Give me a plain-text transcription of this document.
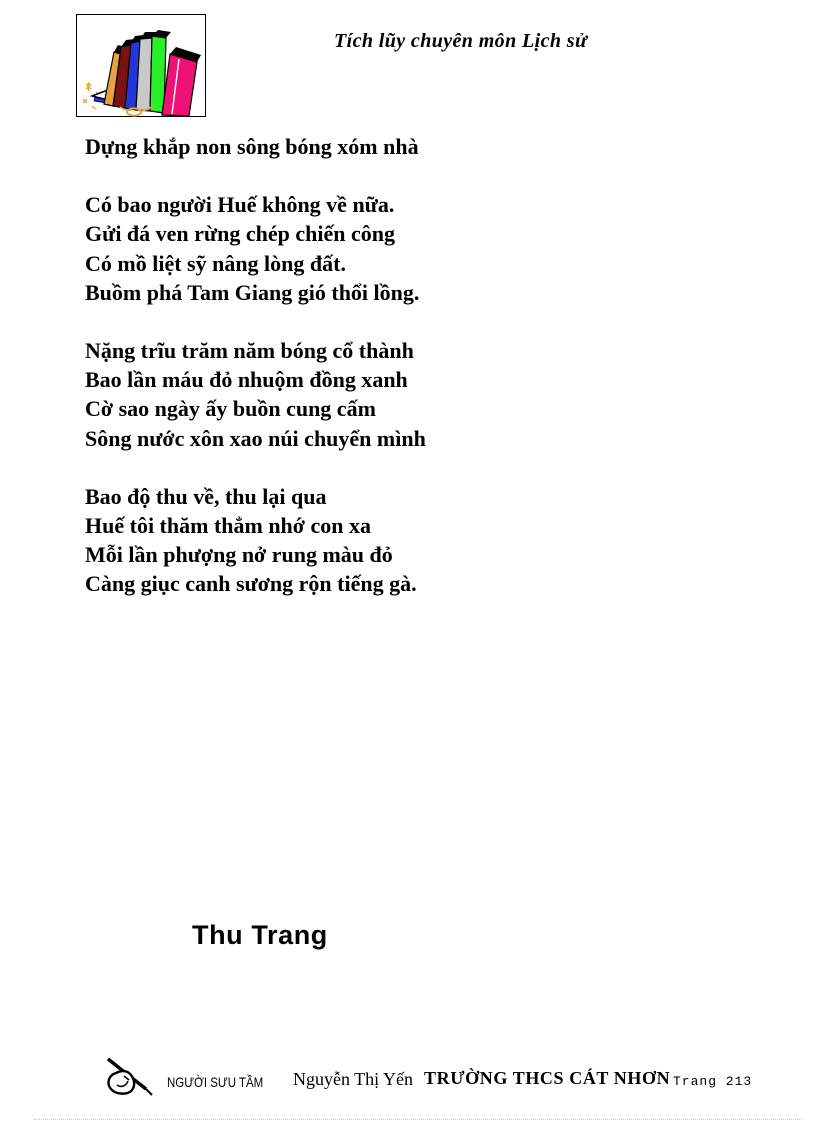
Tích lũy chuyên môn Lịch sử

Dựng khắp non sông bóng xóm nhà

Có bao người Huế không về nữa.

Gửi đá ven rừng chép chiến công

Có mồ liệt sỹ nâng lòng đất.

Buồm phá Tam Giang gió thổi lồng.

Nặng trĩu trăm năm bóng cổ thành

Bao lần máu đỏ nhuộm đồng xanh

Cờ sao ngày ấy buồn cung cấm

Sông nước xôn xao núi chuyển mình

Bao độ thu về, thu lại qua

Huế tôi thăm thẳm nhớ con xa

Mỗi lần phượng nở rung màu đỏ

Càng giục canh sương rộn tiếng gà.

Thu Trang
NGƯỜI SƯU TẦM Nguyễn Thị Yến TRƯỜNG THCS CÁT NHƠN Trang 213
